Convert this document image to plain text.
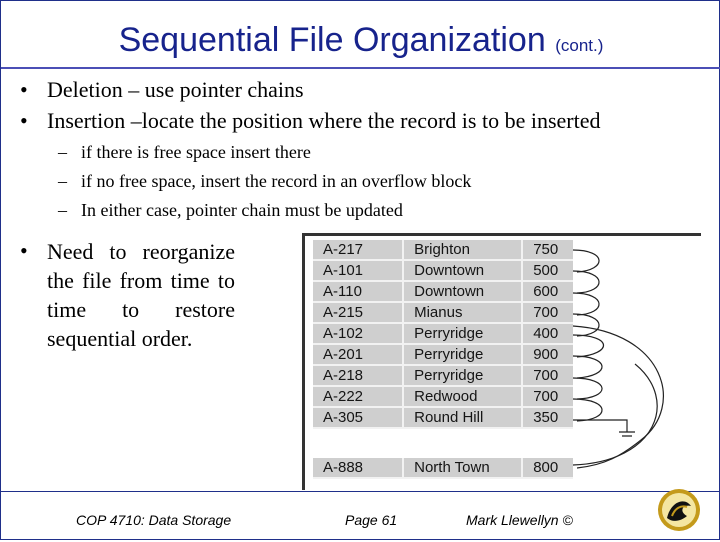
Sequential File Organization (cont.)
• Deletion – use pointer chains
• Insertion –locate the position where the record is to be inserted
– if there is free space insert there
– if no free space, insert the record in an overflow block
– In either case, pointer chain must be updated
• Need to reorganize the file from time to time to restore sequential order.
A-217	Brighton	750
A-101	Downtown	500
A-110	Downtown	600
A-215	Mianus	700
A-102	Perryridge	400
A-201	Perryridge	900
A-218	Perryridge	700
A-222	Redwood	700
A-305	Round Hill	350
A-888	North Town	800
COP 4710: Data Storage	Page 61	Mark Llewellyn ©
